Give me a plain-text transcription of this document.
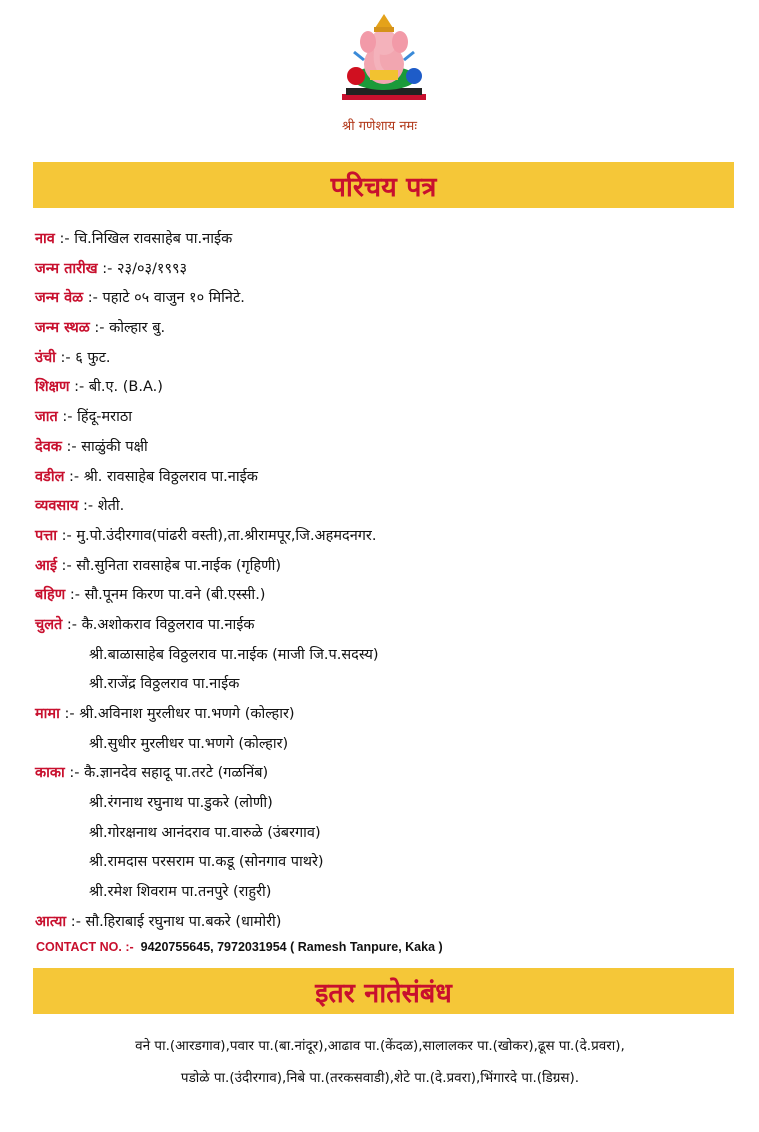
श्री गणेशाय नमः
परिचय पत्र
नाव :- चि.निखिल रावसाहेब पा.नाईक
जन्म तारीख :- २३/०३/१९९३
जन्म वेळ :- पहाटे ०५ वाजुन १० मिनिटे.
जन्म स्थळ :- कोल्हार बु.
उंची :- ६ फुट.
शिक्षण :- बी.ए. (B.A.)
जात :- हिंदू-मराठा
देवक :- साळुंकी पक्षी
वडील :- श्री. रावसाहेब विठ्ठलराव पा.नाईक
व्यवसाय :- शेती.
पत्ता :- मु.पो.उंदीरगाव(पांढरी वस्ती),ता.श्रीरामपूर,जि.अहमदनगर.
आई :- सौ.सुनिता रावसाहेब पा.नाईक (गृहिणी)
बहिण :- सौ.पूनम किरण पा.वने (बी.एस्सी.)
चुलते :- कै.अशोकराव विठ्ठलराव पा.नाईक
श्री.बाळासाहेब विठ्ठलराव पा.नाईक (माजी जि.प.सदस्य)
श्री.राजेंद्र विठ्ठलराव पा.नाईक
मामा :- श्री.अविनाश मुरलीधर पा.भणगे (कोल्हार)
श्री.सुधीर मुरलीधर पा.भणगे (कोल्हार)
काका :- कै.ज्ञानदेव सहादू पा.तरटे (गळनिंब)
श्री.रंगनाथ रघुनाथ पा.डुकरे (लोणी)
श्री.गोरक्षनाथ आनंदराव पा.वारुळे (उंबरगाव)
श्री.रामदास परसराम पा.कडू (सोनगाव पाथरे)
श्री.रमेश शिवराम पा.तनपुरे (राहुरी)
आत्या :- सौ.हिराबाई रघुनाथ पा.बकरे (धामोरी)
CONTACT NO. :- 9420755645, 7972031954 ( Ramesh Tanpure, Kaka )
इतर नातेसंबंध
वने पा.(आरडगाव),पवार पा.(बा.नांदूर),आढाव पा.(केंदळ),सालालकर पा.(खोकर),ढूस पा.(दे.प्रवरा),
पडोळे पा.(उंदीरगाव),निबे पा.(तरकसवाडी),शेटे पा.(दे.प्रवरा),भिंगारदे पा.(डिग्रस).
